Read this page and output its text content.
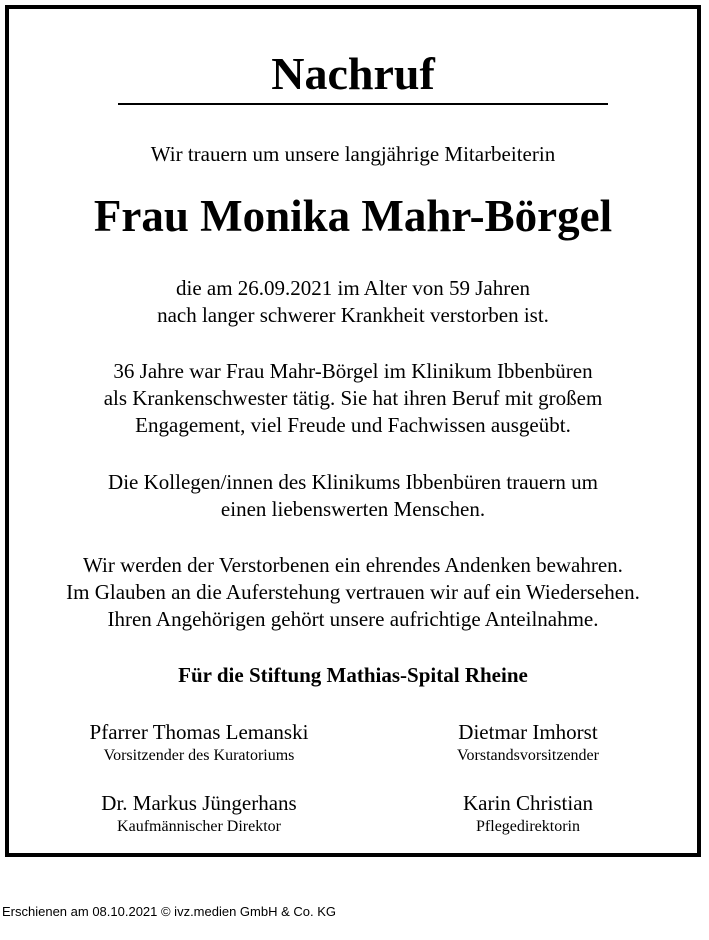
Nachruf
Wir trauern um unsere langjährige Mitarbeiterin
Frau Monika Mahr-Börgel
die am 26.09.2021 im Alter von 59 Jahren
nach langer schwerer Krankheit verstorben ist.
36 Jahre war Frau Mahr-Börgel im Klinikum Ibbenbüren
als Krankenschwester tätig. Sie hat ihren Beruf mit großem
Engagement, viel Freude und Fachwissen ausgeübt.
Die Kollegen/innen des Klinikums Ibbenbüren trauern um
einen liebenswerten Menschen.
Wir werden der Verstorbenen ein ehrendes Andenken bewahren.
Im Glauben an die Auferstehung vertrauen wir auf ein Wiedersehen.
Ihren Angehörigen gehört unsere aufrichtige Anteilnahme.
Für die Stiftung Mathias-Spital Rheine
Pfarrer Thomas Lemanski
Vorsitzender des Kuratoriums
Dietmar Imhorst
Vorstandsvorsitzender
Dr. Markus Jüngerhans
Kaufmännischer Direktor
Karin Christian
Pflegedirektorin
Erschienen am 08.10.2021 © ivz.medien GmbH & Co. KG
